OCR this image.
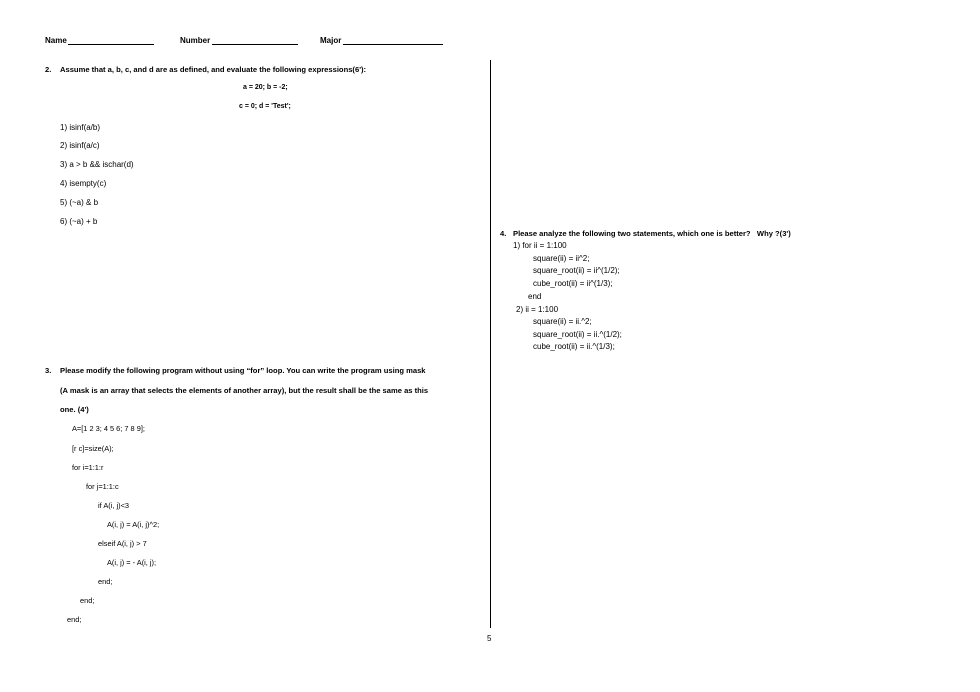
Name	Number	Major
2. Assume that a, b, c, and d are as defined, and evaluate the following expressions(6'):
a = 20; b = -2;
c = 0; d = 'Test';
1) isinf(a/b)
2) isinf(a/c)
3) a > b && ischar(d)
4) isempty(c)
5) (~a) & b
6) (~a) + b
3. Please modify the following program without using “for” loop. You can write the program using mask
(A mask is an array that selects the elements of another array), but the result shall be the same as this
one. (4')
A=[1 2 3; 4 5 6; 7 8 9];
[r c]=size(A);
for i=1:1:r
for j=1:1:c
if A(i, j)<3
A(i, j) = A(i, j)^2;
elseif A(i, j) > 7
A(i, j) = - A(i, j);
end;
end;
end;
5
4. Please analyze the following two statements, which one is better?   Why ?(3')
1) for ii = 1:100
square(ii) = ii^2;
square_root(ii) = ii^(1/2);
cube_root(ii) = ii^(1/3);
end
2) ii = 1:100
square(ii) = ii.^2;
square_root(ii) = ii.^(1/2);
cube_root(ii) = ii.^(1/3);
